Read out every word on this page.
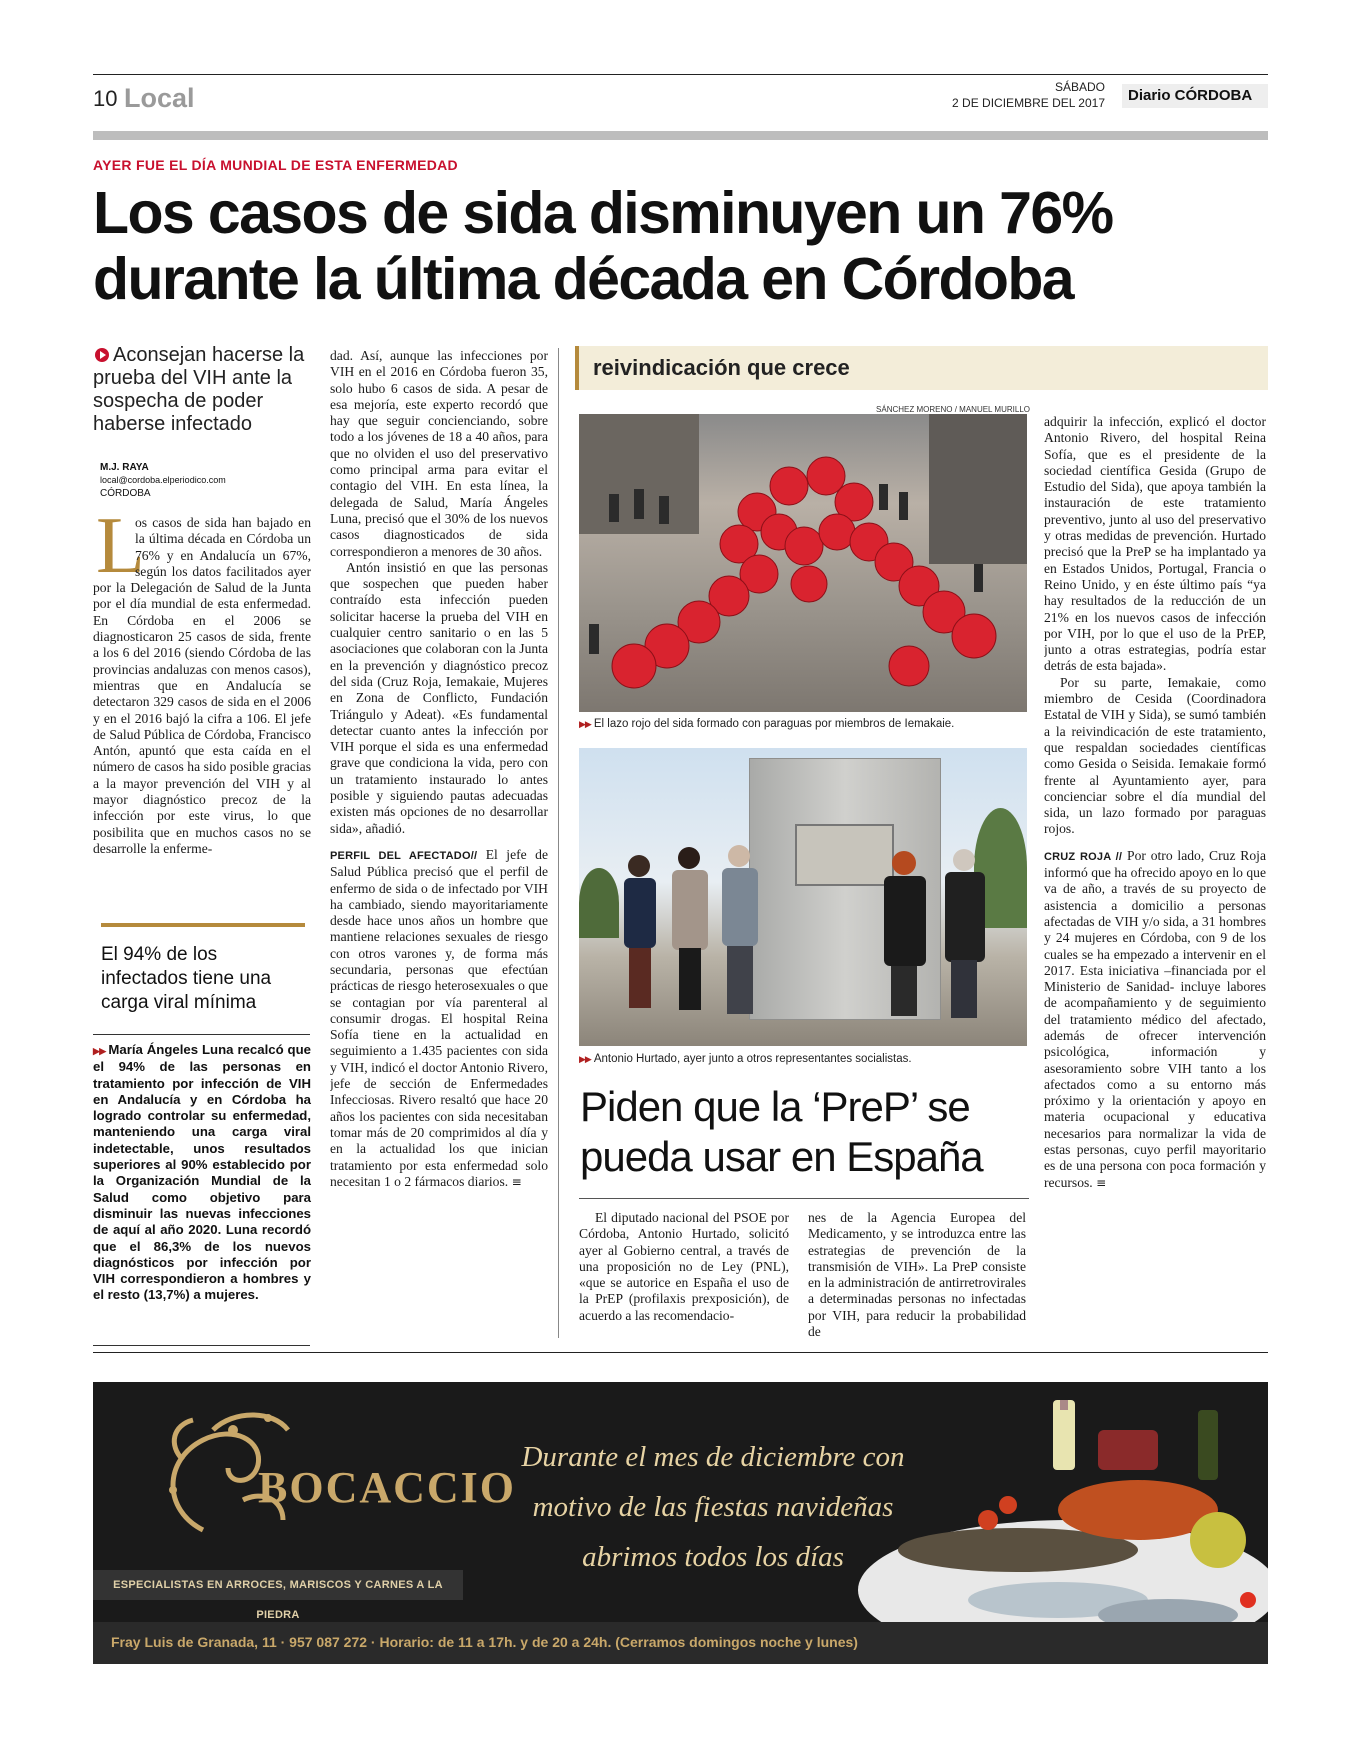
10 Local	SÁBADO
2 DE DICIEMBRE DEL 2017	Diario CÓRDOBA
AYER FUE EL DÍA MUNDIAL DE ESTA ENFERMEDAD
Los casos de sida disminuyen un 76%
durante la última década en Córdoba
Aconsejan hacerse la prueba del VIH ante la sospecha de poder haberse infectado
M.J. RAYA
local@cordoba.elperiodico.com
CÓRDOBA
L
os casos de sida han bajado en la última década en Córdoba un 76% y en Andalucía un 67%, según los datos facilitados ayer por la Delegación de Salud de la Junta por el día mundial de esta enfermedad. En Córdoba en el 2006 se diagnosticaron 25 casos de sida, frente a los 6 del 2016 (siendo Córdoba de las provincias andaluzas con menos casos), mientras que en Andalucía se detectaron 329 casos de sida en el 2006 y en el 2016 bajó la cifra a 106. El jefe de Salud Pública de Córdoba, Francisco Antón, apuntó que esta caída en el número de casos ha sido posible gracias a la mayor prevención del VIH y al mayor diagnóstico precoz de la infección por este virus, lo que posibilita que en muchos casos no se desarrolle la enferme-
El 94% de los infectados tiene una carga viral mínima
▶▶ María Ángeles Luna recalcó que el 94% de las personas en tratamiento por infección de VIH en Andalucía y en Córdoba ha logrado controlar su enfermedad, manteniendo una carga viral indetectable, unos resultados superiores al 90% establecido por la Organización Mundial de la Salud como objetivo para disminuir las nuevas infecciones de aquí al año 2020. Luna recordó que el 86,3% de los nuevos diagnósticos por infección por VIH correspondieron a hombres y el resto (13,7%) a mujeres.

dad. Así, aunque las infecciones por VIH en el 2016 en Córdoba fueron 35, solo hubo 6 casos de sida. A pesar de esa mejoría, este experto recordó que hay que seguir concienciando, sobre todo a los jóvenes de 18 a 40 años, para que no olviden el uso del preservativo como principal arma para evitar el contagio del VIH. En esta línea, la delegada de Salud, María Ángeles Luna, precisó que el 30% de los nuevos casos diagnosticados de sida correspondieron a menores de 30 años.

Antón insistió en que las personas que sospechen que pueden haber contraído esta infección pueden solicitar hacerse la prueba del VIH en cualquier centro sanitario o en las 5 asociaciones que colaboran con la Junta en la prevención y diagnóstico precoz del sida (Cruz Roja, Iemakaie, Mujeres en Zona de Conflicto, Fundación Triángulo y Adeat). «Es fundamental detectar cuanto antes la infección por VIH porque el sida es una enfermedad grave que condiciona la vida, pero con un tratamiento instaurado lo antes posible y siguiendo pautas adecuadas existen más opciones de no desarrollar sida», añadió.

PERFIL DEL AFECTADO// El jefe de Salud Pública precisó que el perfil de enfermo de sida o de infectado por VIH ha cambiado, siendo mayoritariamente desde hace unos años un hombre que mantiene relaciones sexuales de riesgo con otros varones y, de forma más secundaria, personas que efectúan prácticas de riesgo heterosexuales o que se contagian por vía parenteral al consumir drogas. El hospital Reina Sofía tiene en la actualidad en seguimiento a 1.435 pacientes con sida y VIH, indicó el doctor Antonio Rivero, jefe de sección de Enfermedades Infecciosas. Rivero resaltó que hace 20 años los pacientes con sida necesitaban tomar más de 20 comprimidos al día y en la actualidad los que inician tratamiento por esta enfermedad solo necesitan 1 o 2 fármacos diarios. ≡

reivindicación que crece
SÁNCHEZ MORENO / MANUEL MURILLO
▶▶ El lazo rojo del sida formado con paraguas por miembros de Iemakaie.
▶▶ Antonio Hurtado, ayer junto a otros representantes socialistas.
Piden que la ‘PreP’ se
pueda usar en España

El diputado nacional del PSOE por Córdoba, Antonio Hurtado, solicitó ayer al Gobierno central, a través de una proposición no de Ley (PNL), «que se autorice en España el uso de la PrEP (profilaxis prexposición), de acuerdo a las recomendacio-

nes de la Agencia Europea del Medicamento, y se introduzca entre las estrategias de prevención de la transmisión de VIH». La PreP consiste en la administración de antirretrovirales a determinadas personas no infectadas por VIH, para reducir la probabilidad de

adquirir la infección, explicó el doctor Antonio Rivero, del hospital Reina Sofía, que es el presidente de la sociedad científica Gesida (Grupo de Estudio del Sida), que apoya también la instauración de este tratamiento preventivo, junto al uso del preservativo y otras medidas de prevención. Hurtado precisó que la PreP se ha implantado ya en Estados Unidos, Portugal, Francia o Reino Unido, y en éste último país “ya hay resultados de la reducción de un 21% en los nuevos casos de infección por VIH, por lo que el uso de la PrEP, junto a otras estrategias, podría estar detrás de esta bajada».

Por su parte, Iemakaie, como miembro de Cesida (Coordinadora Estatal de VIH y Sida), se sumó también a la reivindicación de este tratamiento, que respaldan sociedades científicas como Gesida o Seisida. Iemakaie formó frente al Ayuntamiento ayer, para concienciar sobre el día mundial del sida, un lazo formado por paraguas rojos.

CRUZ ROJA // Por otro lado, Cruz Roja informó que ha ofrecido apoyo en lo que va de año, a través de su proyecto de asistencia a domicilio a personas afectadas de VIH y/o sida, a 31 hombres y 24 mujeres en Córdoba, con 9 de los cuales se ha empezado a intervenir en el 2017. Esta iniciativa –financiada por el Ministerio de Sanidad- incluye labores de acompañamiento y de seguimiento del tratamiento médico del afectado, además de ofrecer intervención psicológica, información y asesoramiento sobre VIH tanto a los afectados como a su entorno más próximo y la orientación y apoyo en materia ocupacional y educativa necesarios para normalizar la vida de estas personas, cuyo perfil mayoritario es de una persona con poca formación y recursos. ≡

BOCACCIO
ESPECIALISTAS EN ARROCES, MARISCOS Y CARNES A LA PIEDRA
Durante el mes de diciembre con
motivo de las fiestas navideñas
abrimos todos los días
Fray Luis de Granada, 11 · 957 087 272 · Horario: de 11 a 17h. y de 20 a 24h. (Cerramos domingos noche y lunes)
